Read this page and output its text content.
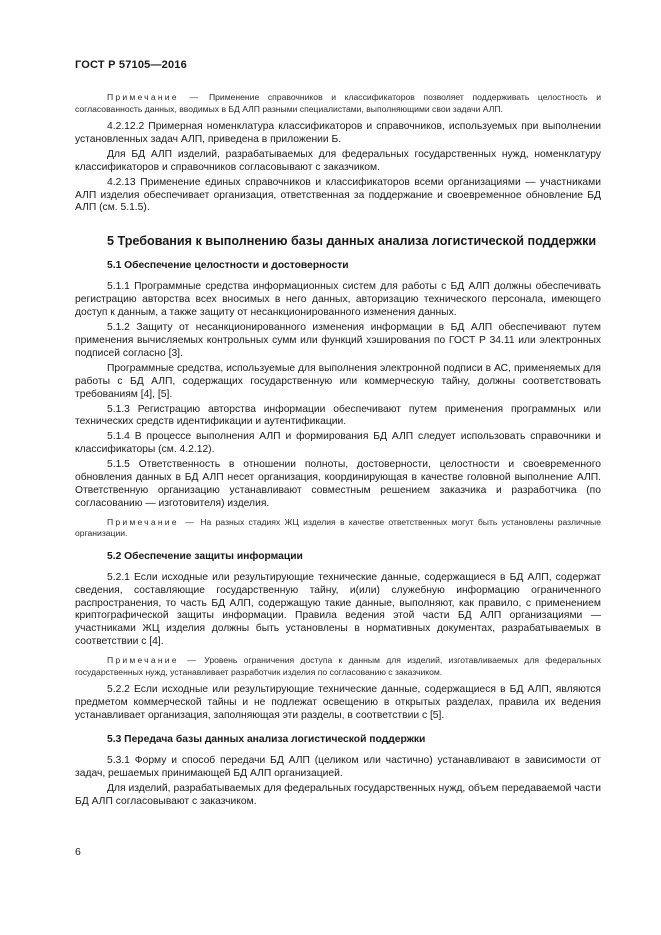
ГОСТ Р 57105—2016

Примечание — Применение справочников и классификаторов позволяет поддерживать целостность и согласованность данных, вводимых в БД АЛП разными специалистами, выполняющими свои задачи АЛП.

4.2.12.2 Примерная номенклатура классификаторов и справочников, используемых при выполнении установленных задач АЛП, приведена в приложении Б.

Для БД АЛП изделий, разрабатываемых для федеральных государственных нужд, номенклатуру классификаторов и справочников согласовывают с заказчиком.

4.2.13 Применение единых справочников и классификаторов всеми организациями — участниками АЛП изделия обеспечивает организация, ответственная за поддержание и своевременное обновление БД АЛП (см. 5.1.5).

5 Требования к выполнению базы данных анализа логистической поддержки
5.1 Обеспечение целостности и достоверности

5.1.1 Программные средства информационных систем для работы с БД АЛП должны обеспечивать регистрацию авторства всех вносимых в него данных, авторизацию технического персонала, имеющего доступ к данным, а также защиту от несанкционированного изменения данных.

5.1.2 Защиту от несанкционированного изменения информации в БД АЛП обеспечивают путем применения вычисляемых контрольных сумм или функций хэширования по ГОСТ Р 34.11 или электронных подписей согласно [3].

Программные средства, используемые для выполнения электронной подписи в АС, применяемых для работы с БД АЛП, содержащих государственную или коммерческую тайну, должны соответствовать требованиям [4], [5].

5.1.3 Регистрацию авторства информации обеспечивают путем применения программных или технических средств идентификации и аутентификации.

5.1.4 В процессе выполнения АЛП и формирования БД АЛП следует использовать справочники и классификаторы (см. 4.2.12).

5.1.5 Ответственность в отношении полноты, достоверности, целостности и своевременного обновления данных в БД АЛП несет организация, координирующая в качестве головной выполнение АЛП. Ответственную организацию устанавливают совместным решением заказчика и разработчика (по согласованию — изготовителя) изделия.

Примечание — На разных стадиях ЖЦ изделия в качестве ответственных могут быть установлены различные организации.

5.2 Обеспечение защиты информации

5.2.1 Если исходные или результирующие технические данные, содержащиеся в БД АЛП, содержат сведения, составляющие государственную тайну, и(или) служебную информацию ограниченного распространения, то часть БД АЛП, содержащую такие данные, выполняют, как правило, с применением криптографической защиты информации. Правила ведения этой части БД АЛП организациями — участниками ЖЦ изделия должны быть установлены в нормативных документах, разрабатываемых в соответствии с [4].

Примечание — Уровень ограничения доступа к данным для изделий, изготавливаемых для федеральных государственных нужд, устанавливает разработчик изделия по согласованию с заказчиком.

5.2.2 Если исходные или результирующие технические данные, содержащиеся в БД АЛП, являются предметом коммерческой тайны и не подлежат освещению в открытых разделах, правила их ведения устанавливает организация, заполняющая эти разделы, в соответствии с [5].

5.3 Передача базы данных анализа логистической поддержки

5.3.1 Форму и способ передачи БД АЛП (целиком или частично) устанавливают в зависимости от задач, решаемых принимающей БД АЛП организацией.

Для изделий, разрабатываемых для федеральных государственных нужд, объем передаваемой части БД АЛП согласовывают с заказчиком.

6
